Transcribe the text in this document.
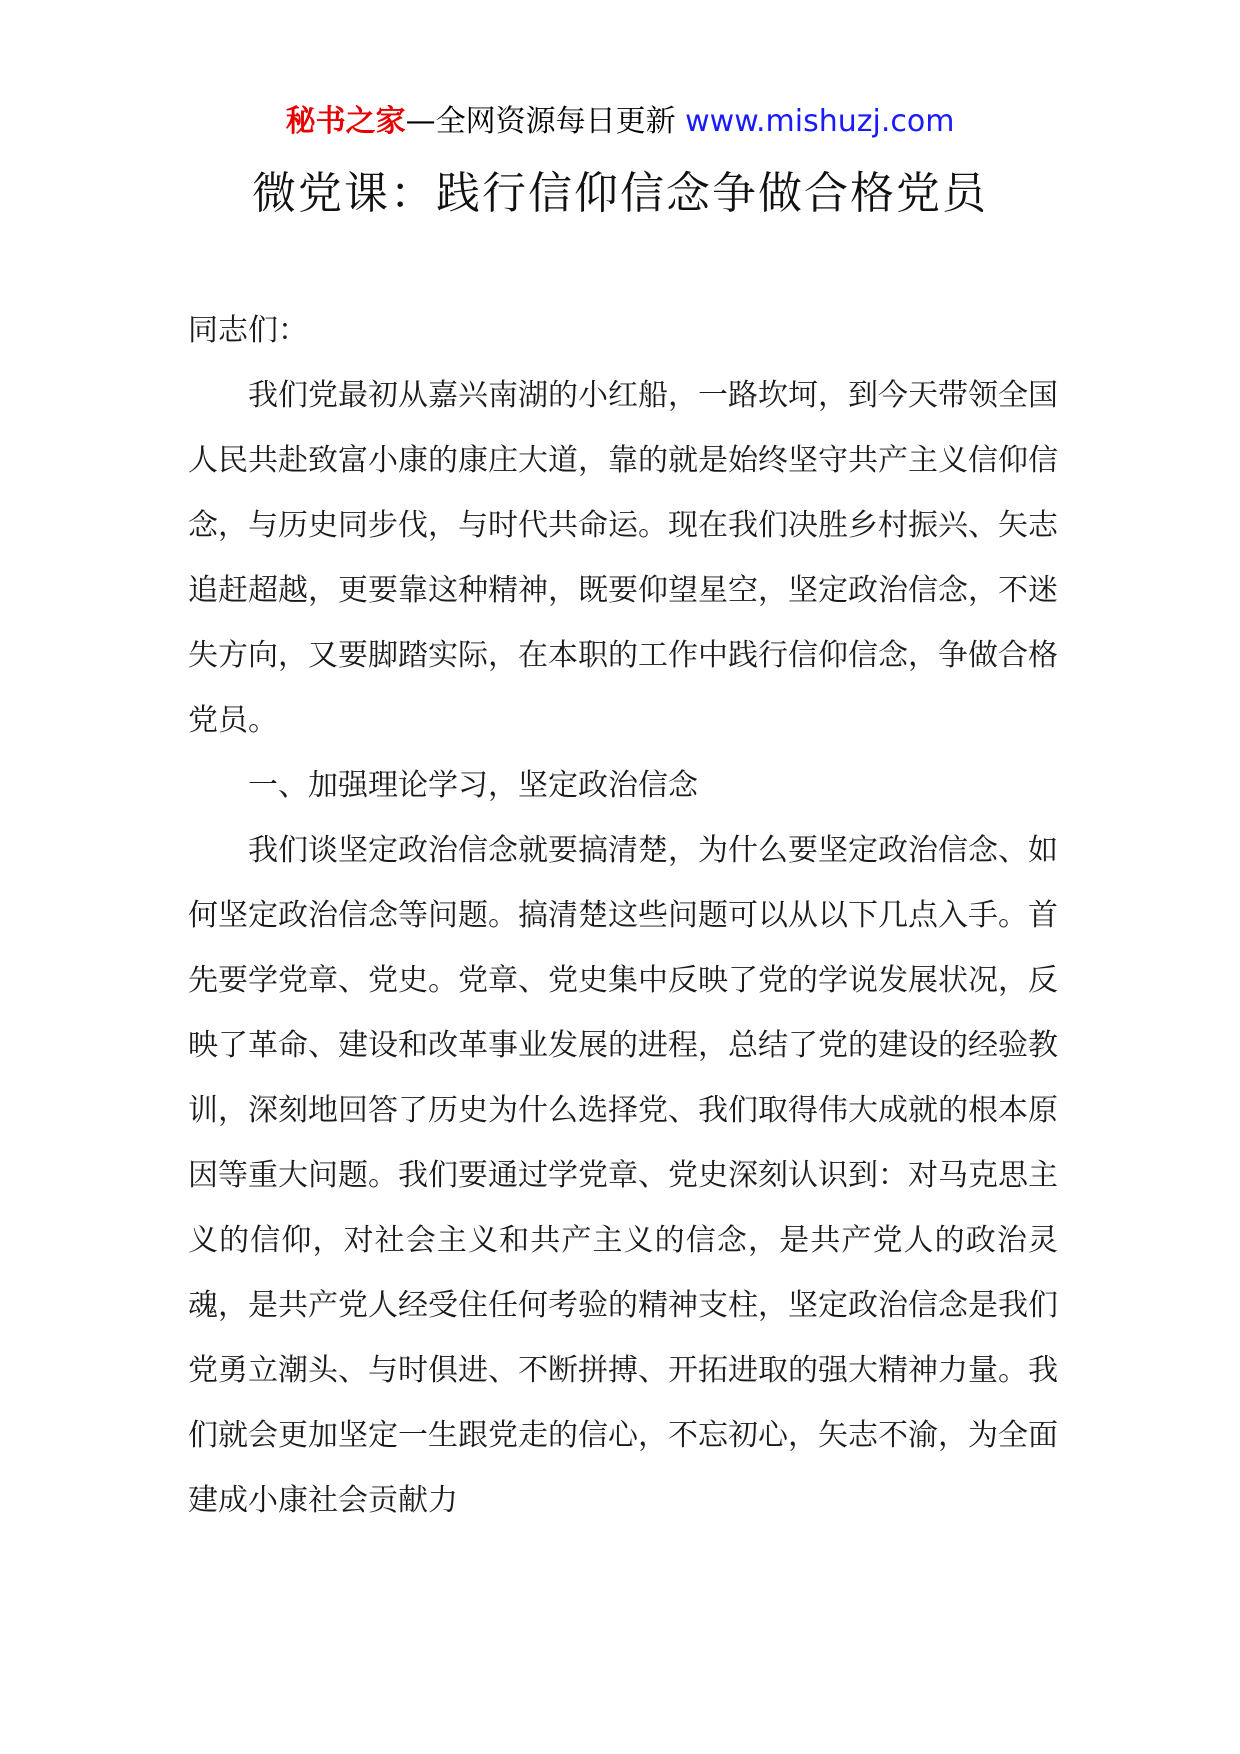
秘书之家—全网资源每日更新 www.mishuzj.com
微党课：践行信仰信念争做合格党员

同志们：

我们党最初从嘉兴南湖的小红船，一路坎坷，到今天带领全国人民共赴致富小康的康庄大道，靠的就是始终坚守共产主义信仰信念，与历史同步伐，与时代共命运。现在我们决胜乡村振兴、矢志追赶超越，更要靠这种精神，既要仰望星空，坚定政治信念，不迷失方向，又要脚踏实际，在本职的工作中践行信仰信念，争做合格党员。

一、加强理论学习，坚定政治信念

我们谈坚定政治信念就要搞清楚，为什么要坚定政治信念、如何坚定政治信念等问题。搞清楚这些问题可以从以下几点入手。首先要学党章、党史。党章、党史集中反映了党的学说发展状况，反映了革命、建设和改革事业发展的进程，总结了党的建设的经验教训，深刻地回答了历史为什么选择党、我们取得伟大成就的根本原因等重大问题。我们要通过学党章、党史深刻认识到：对马克思主义的信仰，对社会主义和共产主义的信念，是共产党人的政治灵魂，是共产党人经受住任何考验的精神支柱，坚定政治信念是我们党勇立潮头、与时俱进、不断拼搏、开拓进取的强大精神力量。我们就会更加坚定一生跟党走的信心，不忘初心，矢志不渝，为全面建成小康社会贡献力
